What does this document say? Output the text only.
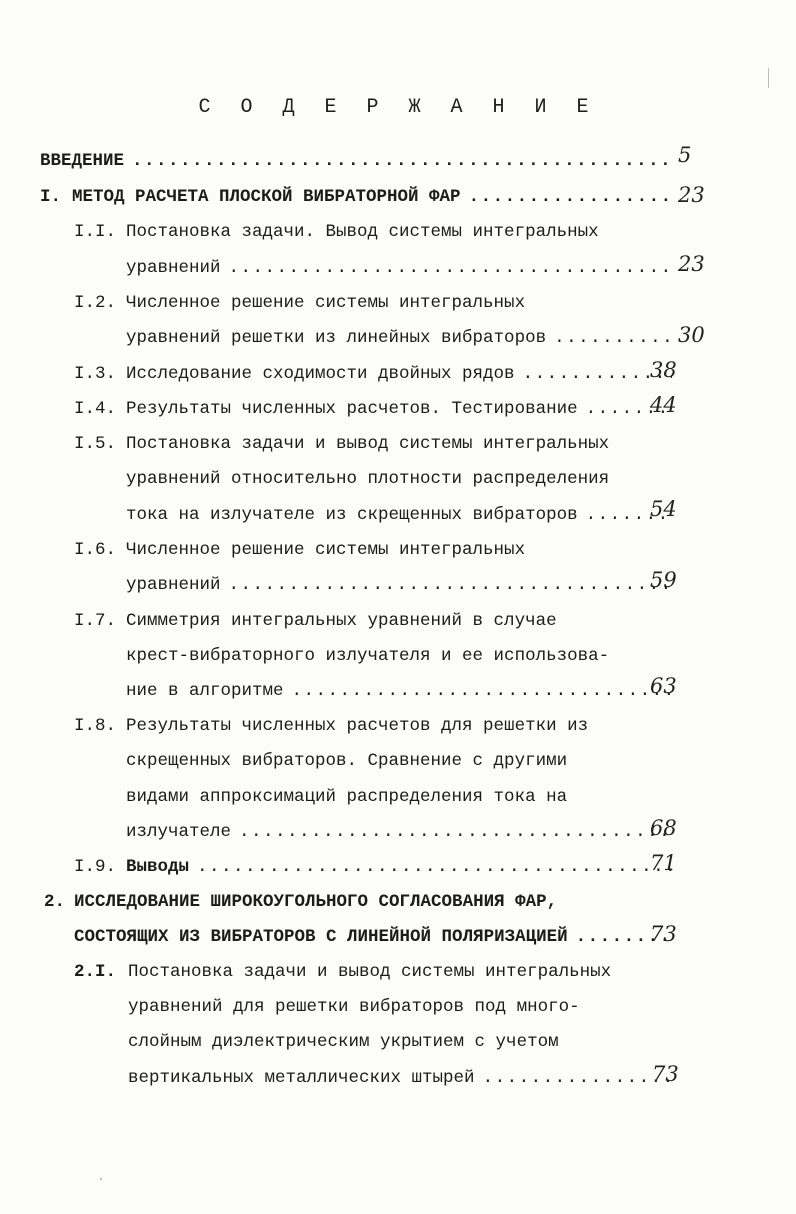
С О Д Е Р Ж А Н И Е
ВВЕДЕНИЕ .....	5
I. МЕТОД РАСЧЕТА ПЛОСКОЙ ВИБРАТОРНОЙ ФАР .....	23
I.I. Постановка задачи. Вывод системы интегральных
уравнений .....	23
I.2. Численное решение системы интегральных
уравнений решетки из линейных вибраторов .....	30
I.3. Исследование сходимости двойных рядов .....	38
I.4. Результаты численных расчетов. Тестирование .....	44
I.5. Постановка задачи и вывод системы интегральных
уравнений относительно плотности распределения
тока на излучателе из скрещенных вибраторов .....	54
I.6. Численное решение системы интегральных
уравнений .....	59
I.7. Симметрия интегральных уравнений в случае
крест-вибраторного излучателя и ее использова-
ние в алгоритме .....	63
I.8. Результаты численных расчетов для решетки из
скрещенных вибраторов. Сравнение с другими
видами аппроксимаций распределения тока на
излучателе .....	68
I.9. Выводы .....	71
2. ИССЛЕДОВАНИЕ ШИРОКОУГОЛЬНОГО СОГЛАСОВАНИЯ ФАР,
СОСТОЯЩИХ ИЗ ВИБРАТОРОВ С ЛИНЕЙНОЙ ПОЛЯРИЗАЦИЕЙ .....	73
2.I. Постановка задачи и вывод системы интегральных
уравнений для решетки вибраторов под много-
слойным диэлектрическим укрытием с учетом
вертикальных металлических штырей .....	73
